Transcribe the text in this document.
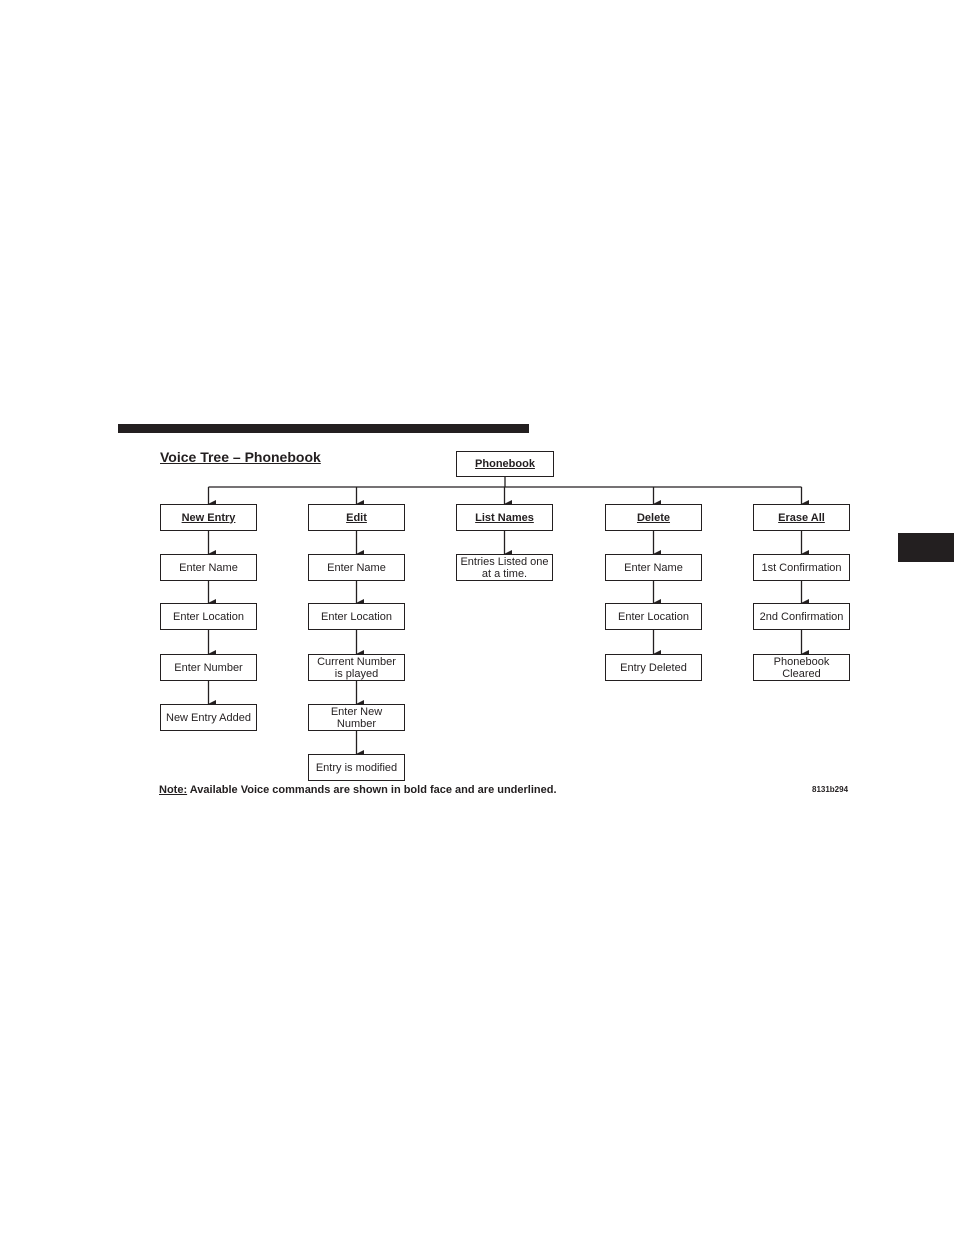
Voice Tree – Phonebook	Phonebook
New Entry
Enter Name
Enter Location
Enter Number
New Entry Added
Edit
Enter Name
Enter Location
Current Number
is played
Enter New
Number
Entry is modified
List Names
Entries Listed one
at a time.
Delete
Enter Name
Enter Location
Entry Deleted
Erase All
1st Confirmation
2nd Confirmation
Phonebook
Cleared
Note: Available Voice commands are shown in bold face and are underlined.	8131b294
